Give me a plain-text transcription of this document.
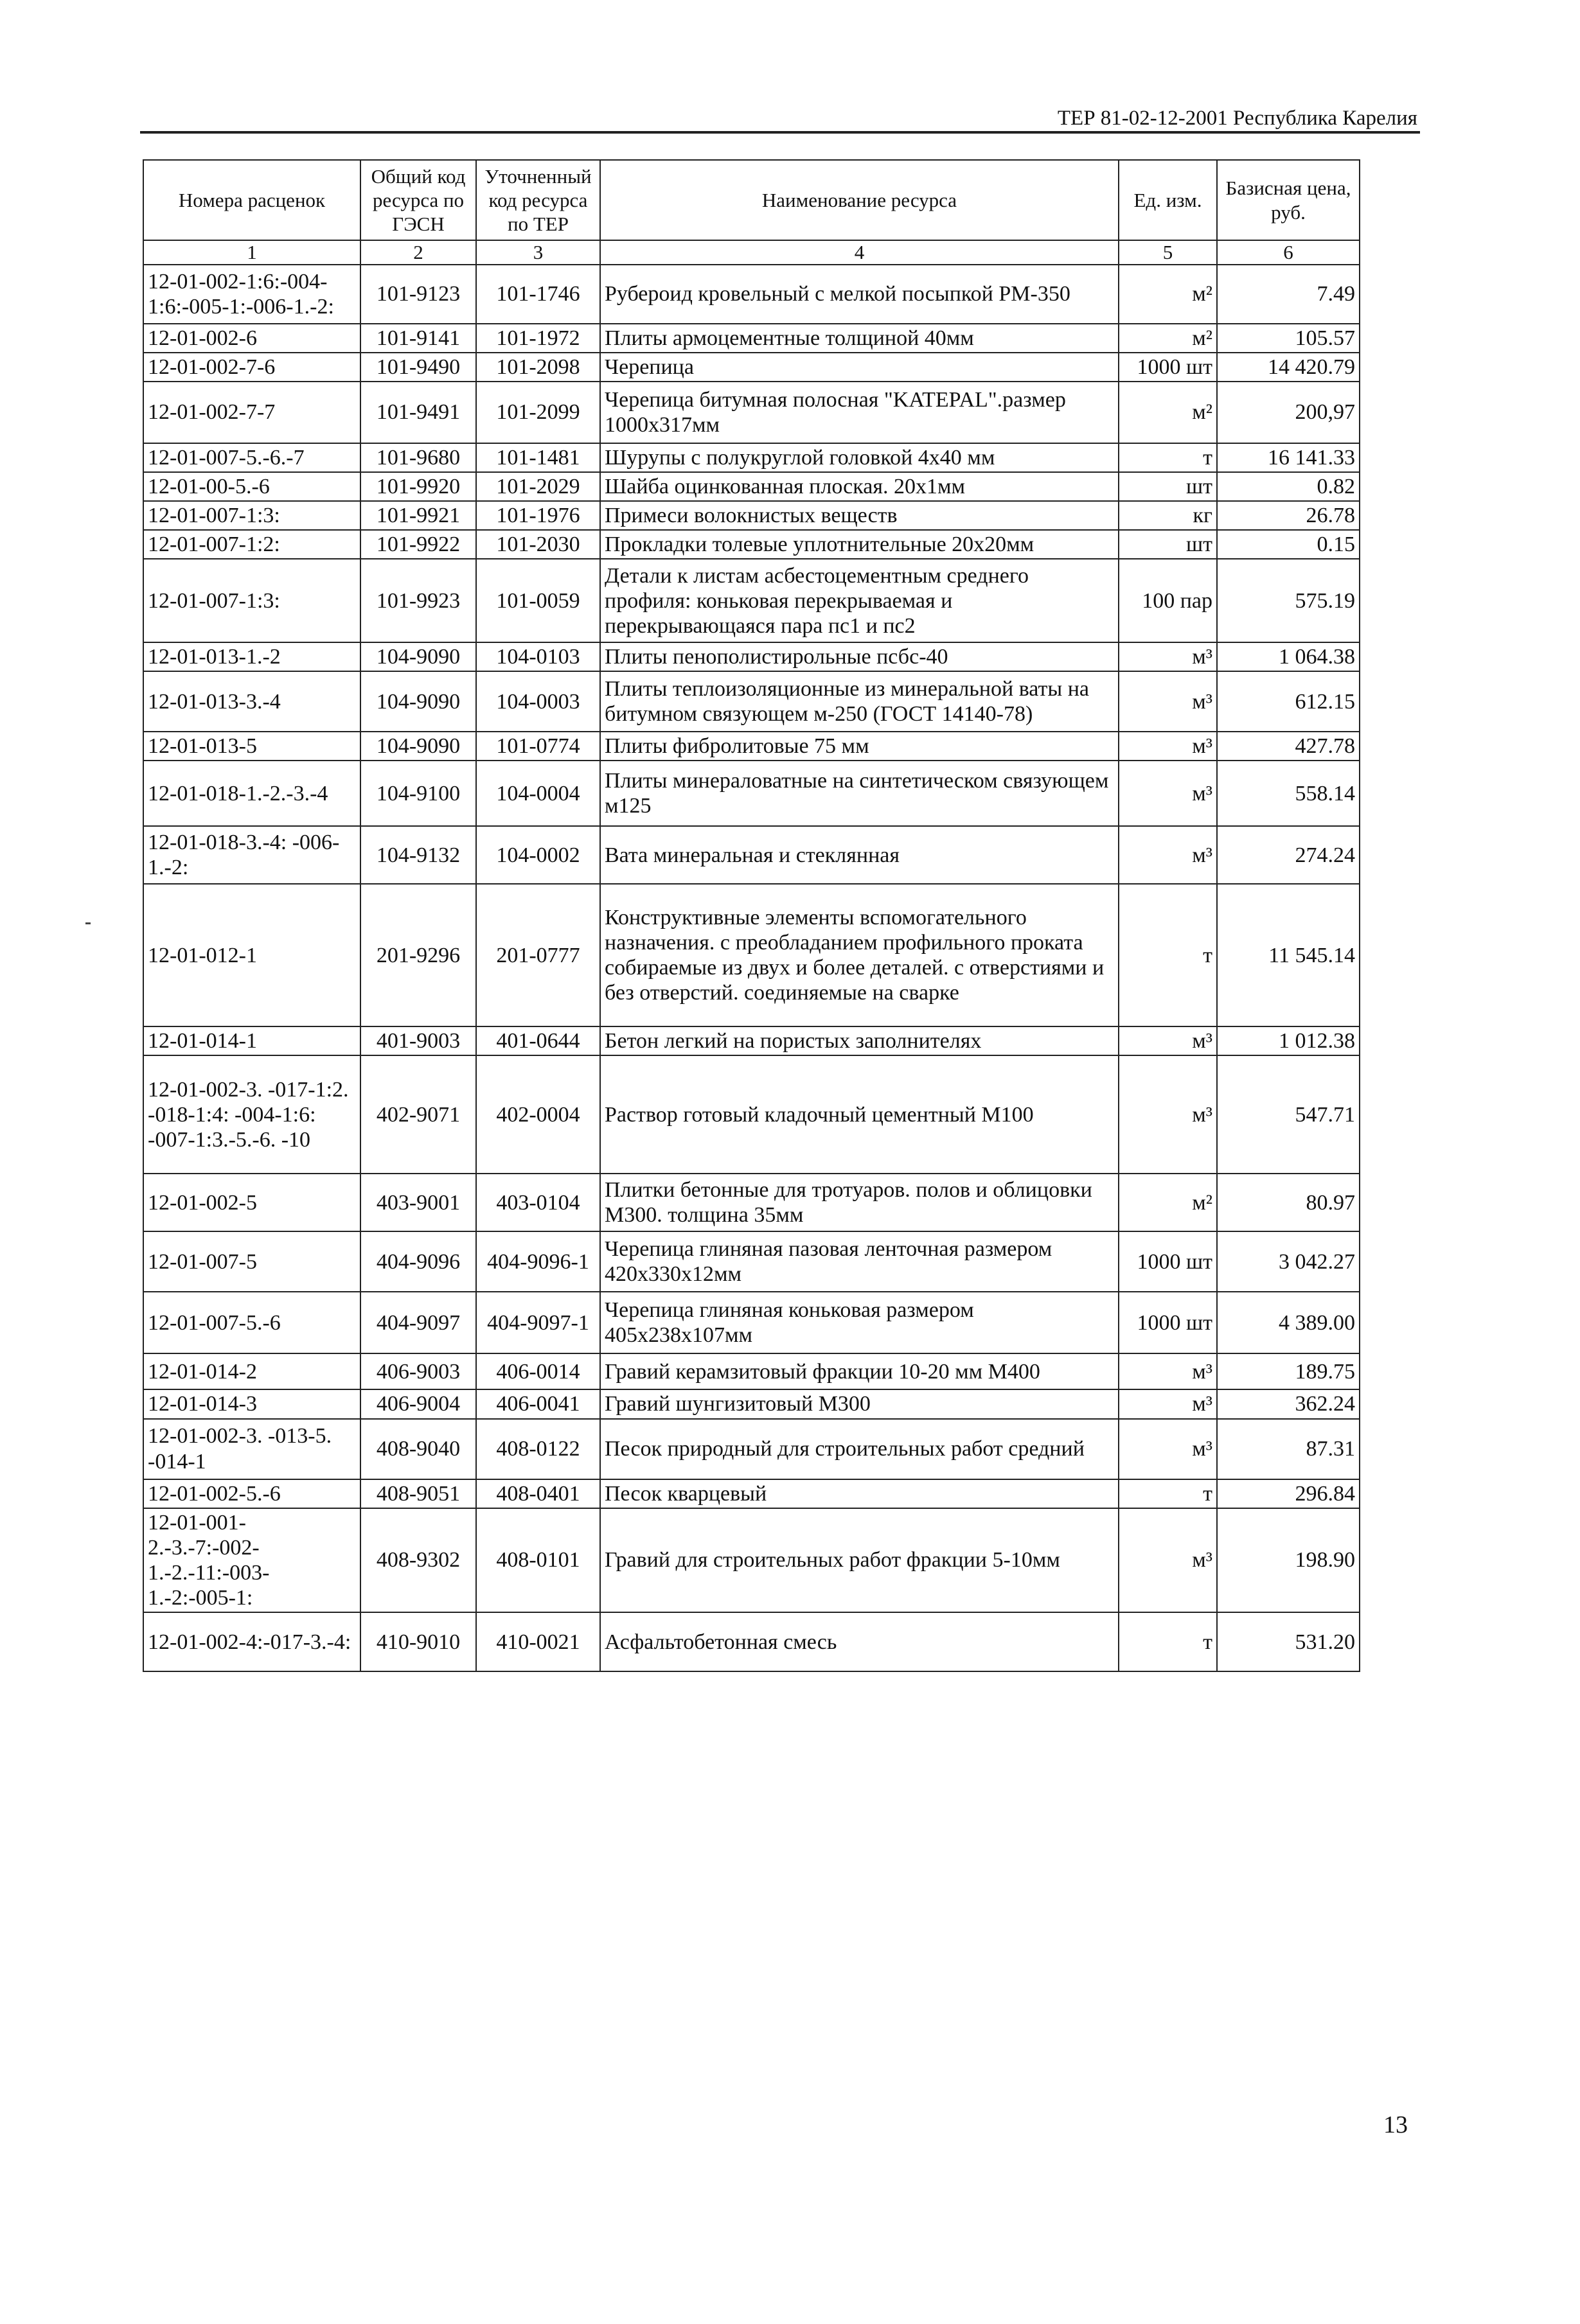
ТЕР 81-02-12-2001 Республика Карелия
Номера расценок	Общий код ресурса по ГЭСН	Уточненный код ресурса по ТЕР	Наименование ресурса	Ед. изм.	Базисная цена, руб.
1	2	3	4	5	6
12-01-002-1:6:-004-1:6:-005-1:-006-1.-2:	101-9123	101-1746	Рубероид кровельный с мелкой посыпкой РМ-350	м²	7.49
12-01-002-6	101-9141	101-1972	Плиты армоцементные толщиной 40мм	м²	105.57
12-01-002-7-6	101-9490	101-2098	Черепица	1000 шт	14 420.79
12-01-002-7-7	101-9491	101-2099	Черепица битумная полосная "KATEPAL".размер 1000х317мм	м²	200,97
12-01-007-5.-6.-7	101-9680	101-1481	Шурупы с полукруглой головкой 4х40 мм	т	16 141.33
12-01-00-5.-6	101-9920	101-2029	Шайба оцинкованная плоская. 20х1мм	шт	0.82
12-01-007-1:3:	101-9921	101-1976	Примеси волокнистых веществ	кг	26.78
12-01-007-1:2:	101-9922	101-2030	Прокладки толевые уплотнительные 20х20мм	шт	0.15
12-01-007-1:3:	101-9923	101-0059	Детали к листам асбестоцементным среднего профиля: коньковая перекрываемая и перекрывающаяся пара пс1 и пс2	100 пар	575.19
12-01-013-1.-2	104-9090	104-0103	Плиты пенополистирольные псбс-40	м³	1 064.38
12-01-013-3.-4	104-9090	104-0003	Плиты теплоизоляционные из минеральной ваты на битумном связующем м-250 (ГОСТ 14140-78)	м³	612.15
12-01-013-5	104-9090	101-0774	Плиты фибролитовые 75 мм	м³	427.78
12-01-018-1.-2.-3.-4	104-9100	104-0004	Плиты минераловатные на синтетическом связующем м125	м³	558.14
12-01-018-3.-4: -006-1.-2:	104-9132	104-0002	Вата минеральная и стеклянная	м³	274.24
12-01-012-1	201-9296	201-0777	Конструктивные элементы вспомогательного назначения. с преобладанием профильного проката собираемые из двух и более деталей. с отверстиями и без отверстий. соединяемые на сварке	т	11 545.14
12-01-014-1	401-9003	401-0644	Бетон легкий на пористых заполнителях	м³	1 012.38
12-01-002-3. -017-1:2. -018-1:4: -004-1:6: -007-1:3.-5.-6. -10	402-9071	402-0004	Раствор готовый кладочный цементный М100	м³	547.71
12-01-002-5	403-9001	403-0104	Плитки бетонные для тротуаров. полов и облицовки М300. толщина 35мм	м²	80.97
12-01-007-5	404-9096	404-9096-1	Черепица глиняная пазовая ленточная размером 420х330х12мм	1000 шт	3 042.27
12-01-007-5.-6	404-9097	404-9097-1	Черепица глиняная коньковая размером 405х238х107мм	1000 шт	4 389.00
12-01-014-2	406-9003	406-0014	Гравий керамзитовый фракции 10-20 мм М400	м³	189.75
12-01-014-3	406-9004	406-0041	Гравий шунгизитовый М300	м³	362.24
12-01-002-3. -013-5. -014-1	408-9040	408-0122	Песок природный для строительных работ средний	м³	87.31
12-01-002-5.-6	408-9051	408-0401	Песок кварцевый	т	296.84
12-01-001-2.-3.-7:-002-1.-2.-11:-003-1.-2:-005-1:	408-9302	408-0101	Гравий для строительных работ фракции 5-10мм	м³	198.90
12-01-002-4:-017-3.-4:	410-9010	410-0021	Асфальтобетонная смесь	т	531.20
13
